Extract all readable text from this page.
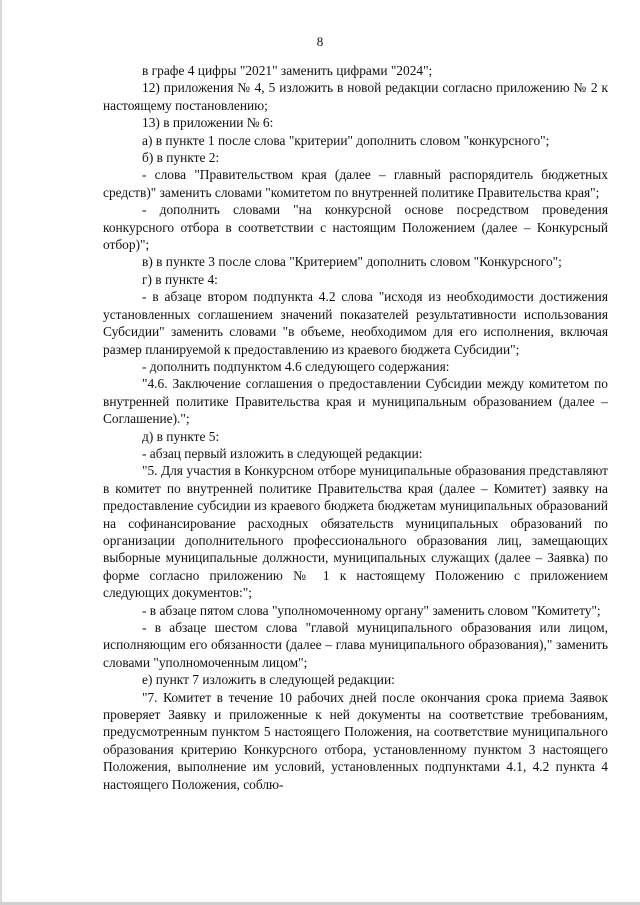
8

в графе 4 цифры "2021" заменить цифрами "2024";

12) приложения № 4, 5 изложить в новой редакции согласно приложению № 2 к настоящему постановлению;

13) в приложении № 6:

а) в пункте 1 после слова "критерии" дополнить словом "конкурсного";

б) в пункте 2:

- слова "Правительством края (далее – главный распорядитель бюджетных средств)" заменить словами "комитетом по внутренней политике Правительства края";

- дополнить словами "на конкурсной основе посредством проведения конкурсного отбора в соответствии с настоящим Положением (далее – Конкурсный отбор)";

в) в пункте 3 после слова "Критерием" дополнить словом "Конкурсного";

г) в пункте 4:

- в абзаце втором подпункта 4.2 слова "исходя из необходимости достижения установленных соглашением значений показателей результативности использования Субсидии" заменить словами "в объеме, необходимом для его исполнения, включая размер планируемой к предоставлению из краевого бюджета Субсидии";

- дополнить подпунктом 4.6 следующего содержания:

"4.6. Заключение соглашения о предоставлении Субсидии между комитетом по внутренней политике Правительства края и муниципальным образованием (далее – Соглашение).";

д) в пункте 5:

- абзац первый изложить в следующей редакции:

"5. Для участия в Конкурсном отборе муниципальные образования представляют в комитет по внутренней политике Правительства края (далее – Комитет) заявку на предоставление субсидии из краевого бюджета бюджетам муниципальных образований на софинансирование расходных обязательств муниципальных образований по организации дополнительного профессионального образования лиц, замещающих выборные муниципальные должности, муниципальных служащих (далее – Заявка) по форме согласно приложению № 1 к настоящему Положению с приложением следующих документов:";

- в абзаце пятом слова "уполномоченному органу" заменить словом "Комитету";

- в абзаце шестом слова "главой муниципального образования или лицом, исполняющим его обязанности (далее – глава муниципального образования)," заменить словами "уполномоченным лицом";

е) пункт 7 изложить в следующей редакции:

"7. Комитет в течение 10 рабочих дней после окончания срока приема Заявок проверяет Заявку и приложенные к ней документы на соответствие требованиям, предусмотренным пунктом 5 настоящего Положения, на соответствие муниципального образования критерию Конкурсного отбора, установленному пунктом 3 настоящего Положения, выполнение им условий, установленных подпунктами 4.1, 4.2 пункта 4 настоящего Положения, соблю-
